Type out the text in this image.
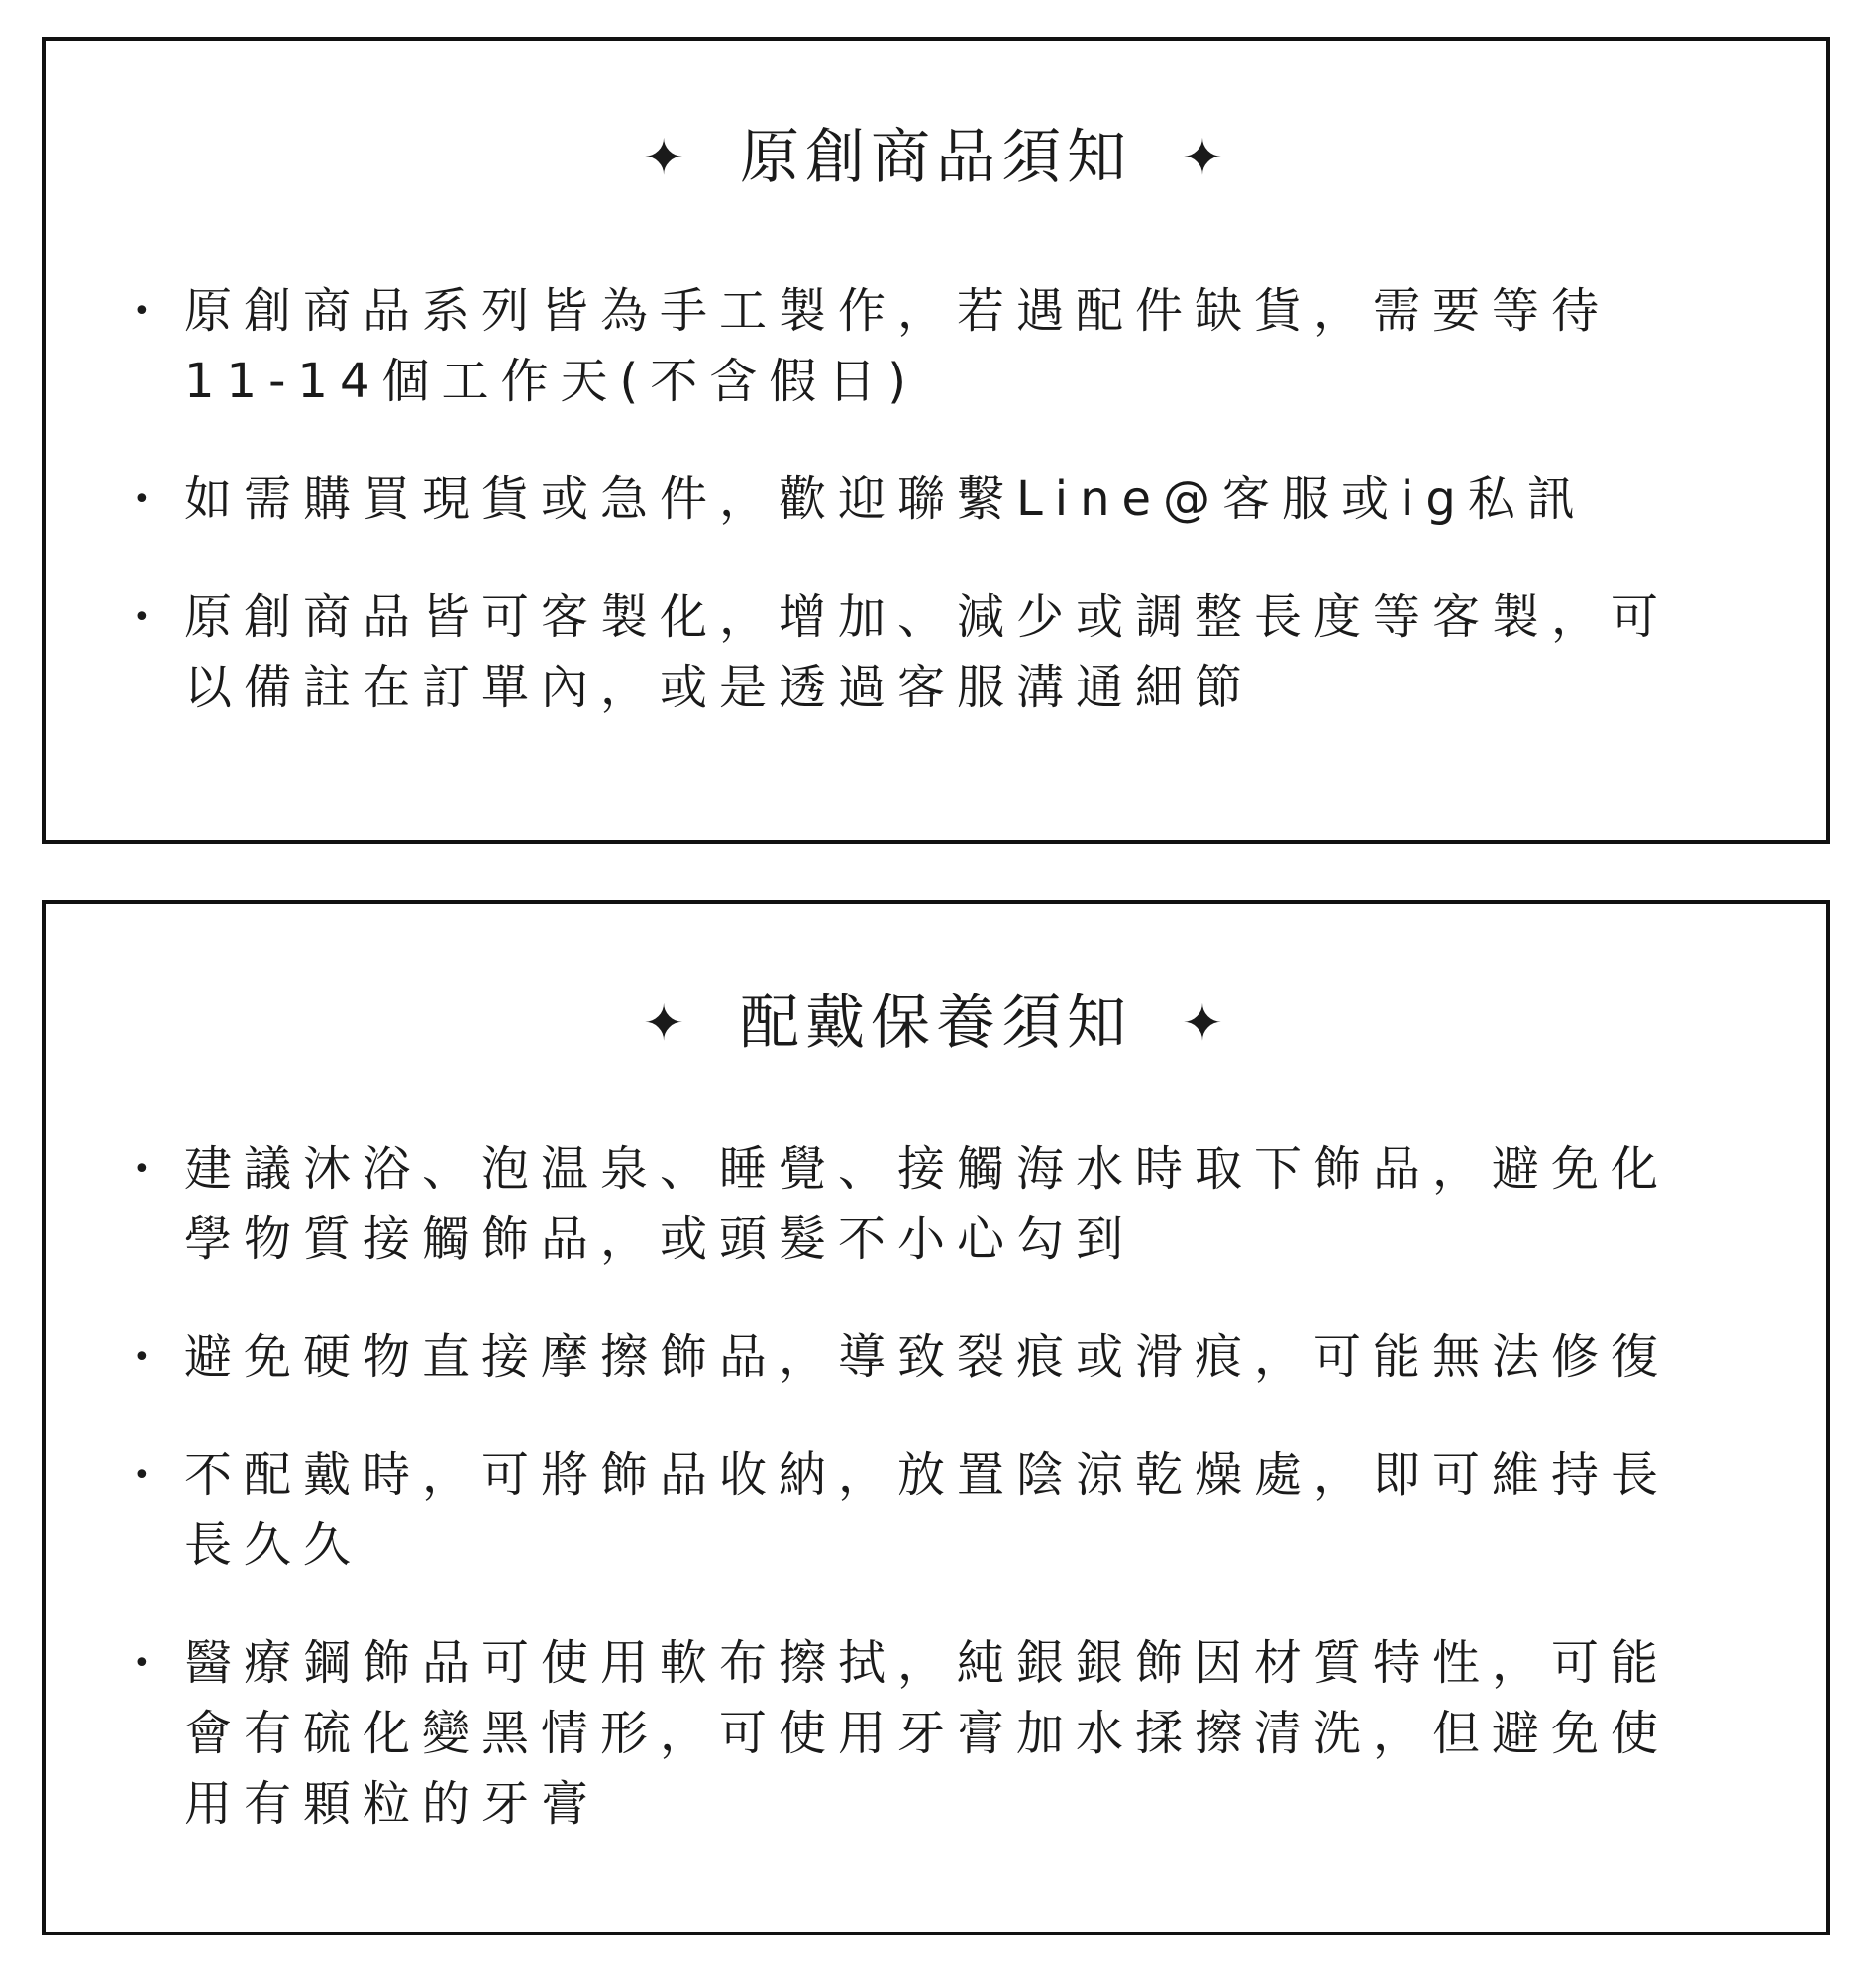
✦ 原創商品須知 ✦
• 原創商品系列皆為手工製作，若遇配件缺貨，需要等待
11-14個工作天(不含假日)
• 如需購買現貨或急件，歡迎聯繫Line@客服或ig私訊
• 原創商品皆可客製化，增加、減少或調整長度等客製，可
以備註在訂單內，或是透過客服溝通細節
✦ 配戴保養須知 ✦
• 建議沐浴、泡温泉、睡覺、接觸海水時取下飾品，避免化
學物質接觸飾品，或頭髮不小心勾到
• 避免硬物直接摩擦飾品，導致裂痕或滑痕，可能無法修復
• 不配戴時，可將飾品收納，放置陰涼乾燥處，即可維持長
長久久
• 醫療鋼飾品可使用軟布擦拭，純銀銀飾因材質特性，可能
會有硫化變黑情形，可使用牙膏加水揉擦清洗，但避免使
用有顆粒的牙膏
